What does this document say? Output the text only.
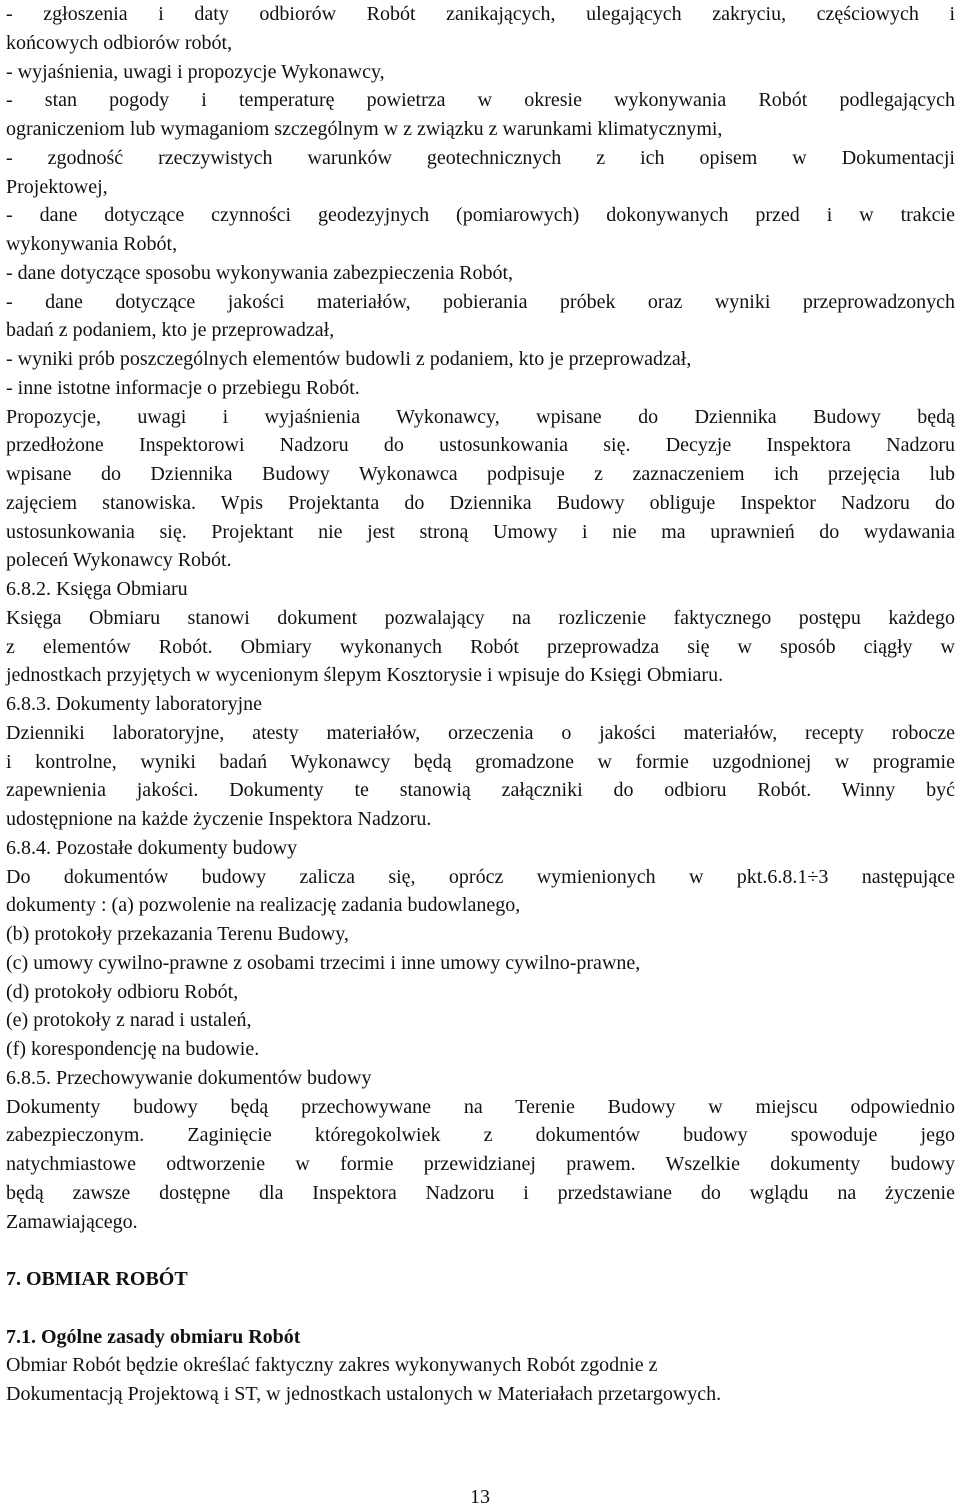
- zgłoszenia i daty odbiorów Robót zanikających, ulegających zakryciu, częściowych i
końcowych odbiorów robót,
- wyjaśnienia, uwagi i propozycje Wykonawcy,
- stan pogody i temperaturę powietrza w okresie wykonywania Robót podlegających
ograniczeniom lub wymaganiom szczególnym w z związku z warunkami klimatycznymi,
- zgodność rzeczywistych warunków geotechnicznych z ich opisem w Dokumentacji
Projektowej,
- dane dotyczące czynności geodezyjnych (pomiarowych) dokonywanych przed i w trakcie
wykonywania Robót,
- dane dotyczące sposobu wykonywania zabezpieczenia Robót,
- dane dotyczące jakości materiałów, pobierania próbek oraz wyniki przeprowadzonych
badań z podaniem, kto je przeprowadzał,
- wyniki prób poszczególnych elementów budowli z podaniem, kto je przeprowadzał,
- inne istotne informacje o przebiegu Robót.
Propozycje, uwagi i wyjaśnienia Wykonawcy, wpisane do Dziennika Budowy będą
przedłożone Inspektorowi Nadzoru do ustosunkowania się. Decyzje Inspektora Nadzoru
wpisane do Dziennika Budowy Wykonawca podpisuje z zaznaczeniem ich przejęcia lub
zajęciem stanowiska. Wpis Projektanta do Dziennika Budowy obliguje Inspektor Nadzoru do
ustosunkowania się. Projektant nie jest stroną Umowy i nie ma uprawnień do wydawania
poleceń Wykonawcy Robót.
6.8.2. Księga Obmiaru
Księga Obmiaru stanowi dokument pozwalający na rozliczenie faktycznego postępu każdego
z elementów Robót. Obmiary wykonanych Robót przeprowadza się w sposób ciągły w
jednostkach przyjętych w wycenionym ślepym Kosztorysie i wpisuje do Księgi Obmiaru.
6.8.3. Dokumenty laboratoryjne
Dzienniki laboratoryjne, atesty materiałów, orzeczenia o jakości materiałów, recepty robocze
i kontrolne, wyniki badań Wykonawcy będą gromadzone w formie uzgodnionej w programie
zapewnienia jakości. Dokumenty te stanowią załączniki do odbioru Robót. Winny być
udostępnione na każde życzenie Inspektora Nadzoru.
6.8.4. Pozostałe dokumenty budowy
Do dokumentów budowy zalicza się, oprócz wymienionych w pkt.6.8.1÷3 następujące
dokumenty : (a) pozwolenie na realizację zadania budowlanego,
(b) protokoły przekazania Terenu Budowy,
(c) umowy cywilno-prawne z osobami trzecimi i inne umowy cywilno-prawne,
(d) protokoły odbioru Robót,
(e) protokoły z narad i ustaleń,
(f) korespondencję na budowie.
6.8.5. Przechowywanie dokumentów budowy
Dokumenty budowy będą przechowywane na Terenie Budowy w miejscu odpowiednio
zabezpieczonym. Zaginięcie któregokolwiek z dokumentów budowy spowoduje jego
natychmiastowe odtworzenie w formie przewidzianej prawem. Wszelkie dokumenty budowy
będą zawsze dostępne dla Inspektora Nadzoru i przedstawiane do wglądu na życzenie
Zamawiającego.
7. OBMIAR ROBÓT
7.1. Ogólne zasady obmiaru Robót
Obmiar Robót będzie określać faktyczny zakres wykonywanych Robót zgodnie z
Dokumentacją Projektową i ST, w jednostkach ustalonych w Materiałach przetargowych.
13
